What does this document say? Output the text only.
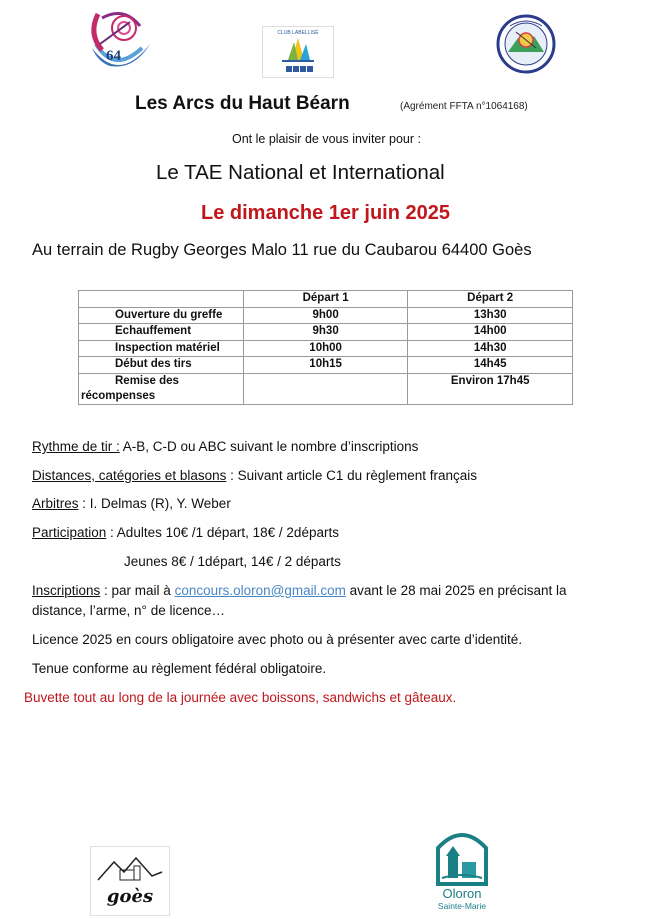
64
CLUB LABELLISÉ
Les Arcs du Haut Béarn	(Agrément FFTA n°1064168)
Ont le plaisir de vous inviter pour :
Le TAE National et International
Le dimanche 1er juin 2025
Au terrain de Rugby Georges Malo 11 rue du Caubarou 64400 Goès
	Départ 1	Départ 2
Ouverture du greffe	9h00	13h30
Echauffement	9h30	14h00
Inspection matériel	10h00	14h30
Début des tirs	10h15	14h45
Remise des
récompenses		Environ 17h45
Rythme de tir : A-B, C-D ou ABC suivant le nombre d’inscriptions
Distances, catégories et blasons : Suivant article C1 du règlement français
Arbitres : I. Delmas (R), Y. Weber
Participation : Adultes 10€ /1 départ, 18€ / 2départs
Jeunes 8€ / 1départ, 14€ / 2 départs
Inscriptions : par mail à concours.oloron@gmail.com avant le 28 mai 2025 en précisant la
distance, l’arme, n° de licence…
Licence 2025 en cours obligatoire avec photo ou à présenter avec carte d’identité.
Tenue conforme au règlement fédéral obligatoire.
Buvette tout au long de la journée avec boissons, sandwichs et gâteaux.
goès	Oloron
Sainte-Marie
